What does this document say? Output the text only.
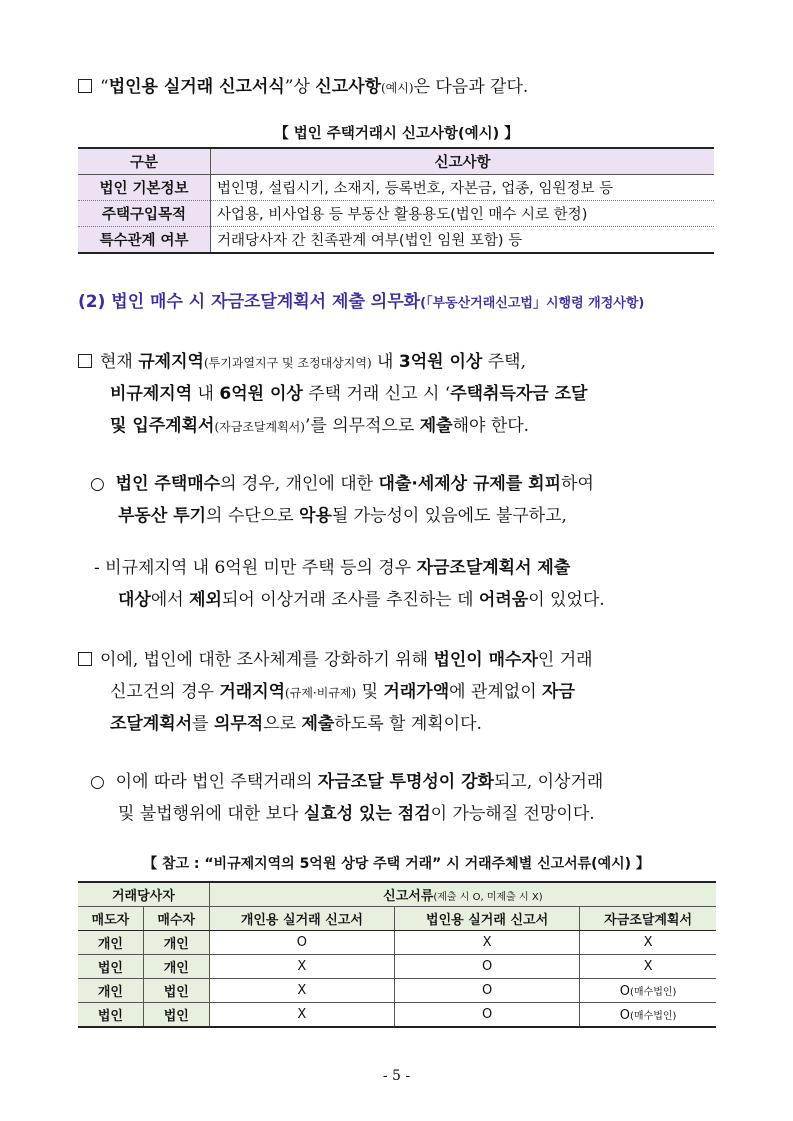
“법인용 실거래 신고서식”상 신고사항(예시)은 다음과 같다.
【 법인 주택거래시 신고사항(예시) 】
구분	신고사항
법인 기본정보	법인명, 설립시기, 소재지, 등록번호, 자본금, 업종, 임원정보 등
주택구입목적	사업용, 비사업용 등 부동산 활용용도(법인 매수 시로 한정)
특수관계 여부	거래당사자 간 친족관계 여부(법인 임원 포함) 등
(2) 법인 매수 시 자금조달계획서 제출 의무화(「부동산거래신고법」시행령 개정사항)
현재 규제지역(투기과열지구 및 조정대상지역) 내 3억원 이상 주택,
비규제지역 내 6억원 이상 주택 거래 신고 시 ‘주택취득자금 조달
및 입주계획서(자금조달계획서)’를 의무적으로 제출해야 한다.
○ 법인 주택매수의 경우, 개인에 대한 대출·세제상 규제를 회피하여
부동산 투기의 수단으로 악용될 가능성이 있음에도 불구하고,
- 비규제지역 내 6억원 미만 주택 등의 경우 자금조달계획서 제출
대상에서 제외되어 이상거래 조사를 추진하는 데 어려움이 있었다.
이에, 법인에 대한 조사체계를 강화하기 위해 법인이 매수자인 거래
신고건의 경우 거래지역(규제·비규제) 및 거래가액에 관계없이 자금
조달계획서를 의무적으로 제출하도록 할 계획이다.
○ 이에 따라 법인 주택거래의 자금조달 투명성이 강화되고, 이상거래
및 불법행위에 대한 보다 실효성 있는 점검이 가능해질 전망이다.
【 참고 : “비규제지역의 5억원 상당 주택 거래” 시 거래주체별 신고서류(예시) 】
거래당사자		신고서류(제출 시 O, 미제출 시 X)		
매도자	매수자	개인용 실거래 신고서	법인용 실거래 신고서	자금조달계획서
개인	개인	O	X	X
법인	개인	X	O	X
개인	법인	X	O	O(매수법인)
법인	법인	X	O	O(매수법인)
- 5 -
